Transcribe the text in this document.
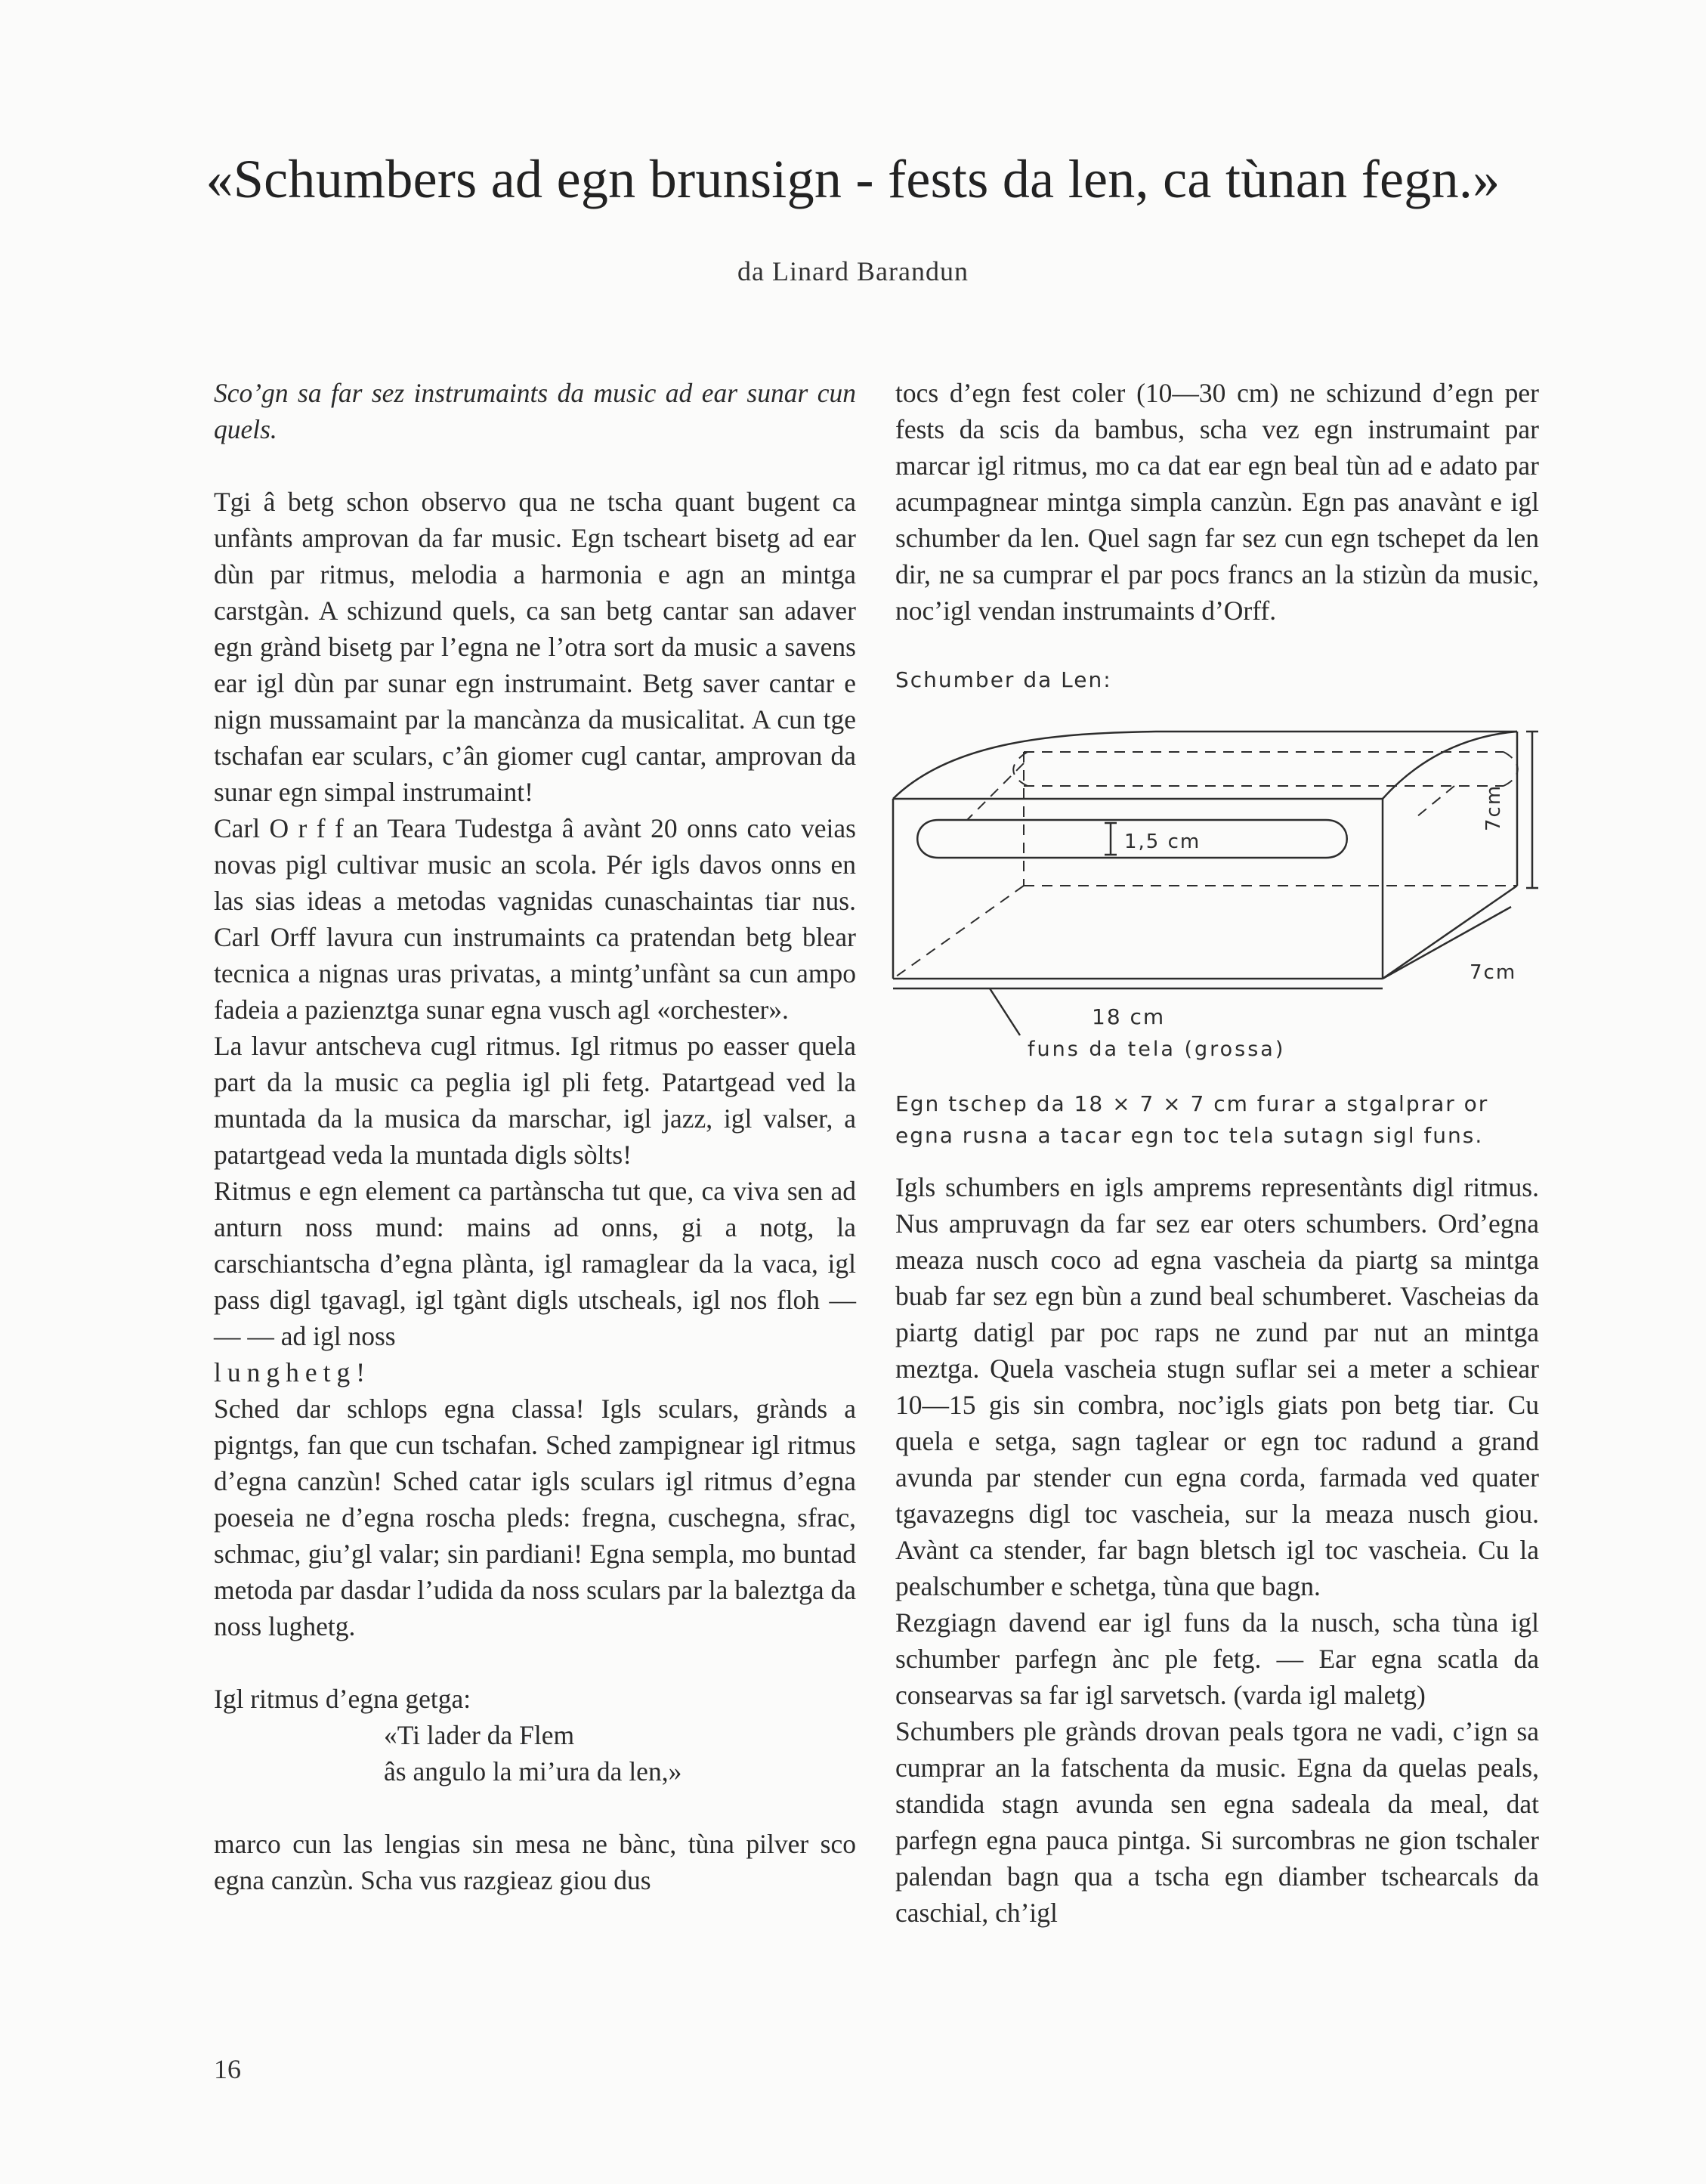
«Schumbers ad egn brunsign - fests da len, ca tùnan fegn.»
da Linard Barandun

Sco’gn sa far sez instrumaints da music ad ear sunar cun quels.

Tgi â betg schon observo qua ne tscha quant bugent ca unfànts amprovan da far music. Egn tscheart bisetg ad ear dùn par ritmus, melodia a harmonia e agn an mintga carstgàn. A schizund quels, ca san betg cantar san adaver egn grànd bisetg par l’egna ne l’otra sort da music a savens ear igl dùn par sunar egn instrumaint. Betg saver cantar e nign mussamaint par la mancànza da musicalitat. A cun tge tschafan ear sculars, c’ân giomer cugl cantar, amprovan da sunar egn simpal instrumaint!

Carl O r f f an Teara Tudestga â avànt 20 onns cato veias novas pigl cultivar music an scola. Pér igls davos onns en las sias ideas a metodas vagnidas cunaschaintas tiar nus. Carl Orff lavura cun instrumaints ca pratendan betg blear tecnica a nignas uras privatas, a mintg’unfànt sa cun ampo fadeia a pazienztga sunar egna vusch agl «orchester».

La lavur antscheva cugl ritmus. Igl ritmus po easser quela part da la music ca peglia igl pli fetg. Patartgead ved la muntada da la musica da marschar, igl jazz, igl valser, a patartgead veda la muntada digls sòlts!

Ritmus e egn element ca partànscha tut que, ca viva sen ad anturn noss mund: mains ad onns, gi a notg, la carschiantscha d’egna plànta, igl ramaglear da la vaca, igl pass digl tgavagl, igl tgànt digls utscheals, igl nos floh — — — ad igl noss
lunghetg!

Sched dar schlops egna classa! Igls sculars, grànds a pigntgs, fan que cun tschafan. Sched zampignear igl ritmus d’egna canzùn! Sched catar igls sculars igl ritmus d’egna poeseia ne d’egna roscha pleds: fregna, cuschegna, sfrac, schmac, giu’gl valar; sin pardiani! Egna sempla, mo buntad metoda par dasdar l’udida da noss sculars par la baleztga da noss lughetg.

Igl ritmus d’egna getga:

«Ti lader da Flem

âs angulo la mi’ura da len,»

marco cun las lengias sin mesa ne bànc, tùna pilver sco egna canzùn. Scha vus razgieaz giou dus

tocs d’egn fest coler (10—30 cm) ne schizund d’egn per fests da scis da bambus, scha vez egn instrumaint par marcar igl ritmus, mo ca dat ear egn beal tùn ad e adato par acumpagnear mintga simpla canzùn. Egn pas anavànt e igl schumber da len. Quel sagn far sez cun egn tschepet da len dir, ne sa cumprar el par pocs francs an la stizùn da music, noc’igl vendan instrumaints d’Orff.

Schumber da Len:
1,5 cm
7cm
7cm
18 cm
funs da tela (grossa)
Egn tschep da 18 × 7 × 7 cm furar a stgalprar or
egna rusna a tacar egn toc tela sutagn sigl funs.

Igls schumbers en igls amprems representànts digl ritmus. Nus ampruvagn da far sez ear oters schumbers. Ord’egna meaza nusch coco ad egna vascheia da piartg sa mintga buab far sez egn bùn a zund beal schumberet. Vascheias da piartg datigl par poc raps ne zund par nut an mintga meztga. Quela vascheia stugn suflar sei a meter a schiear 10—15 gis sin combra, noc’igls giats pon betg tiar. Cu quela e setga, sagn taglear or egn toc radund a grand avunda par stender cun egna corda, farmada ved quater tgavazegns digl toc vascheia, sur la meaza nusch giou. Avànt ca stender, far bagn bletsch igl toc vascheia. Cu la pealschumber e schetga, tùna que bagn.

Rezgiagn davend ear igl funs da la nusch, scha tùna igl schumber parfegn ànc ple fetg. — Ear egna scatla da consearvas sa far igl sarvetsch. (varda igl maletg)

Schumbers ple grànds drovan peals tgora ne vadi, c’ign sa cumprar an la fatschenta da music. Egna da quelas peals, standida stagn avunda sen egna sadeala da meal, dat parfegn egna pauca pintga. Si surcombras ne gion tschaler palendan bagn qua a tscha egn diamber tschearcals da caschial, ch’igl

16
